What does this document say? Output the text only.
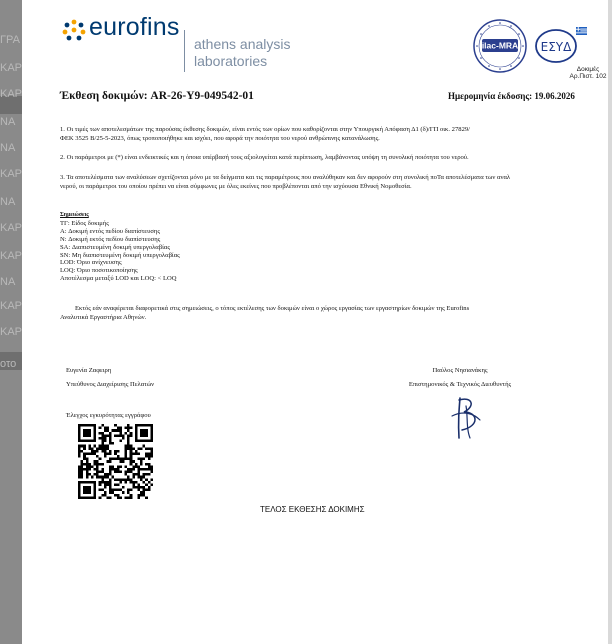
ΓΡΑ
ΚΑΡ
ΚΑΡ
ΝΑ
ΝΑ
ΚΑΡ
ΝΑ
ΚΑΡ
ΚΑΡ
ΝΑ
ΚΑΡ
ΚΑΡ
οτο
eurofins
athens analysis
laboratories
ilac-MRA ΕΣΥΔ
Δοκιμές
Αρ.Πιστ. 102
Έκθεση δοκιμών: AR-26-Y9-049542-01	Ημερομηνία έκδοσης: 19.06.2026
1. Οι τιμές των αποτελεσμάτων της παρούσας έκθεσης δοκιμών, είναι εντός των ορίων που καθορίζονται στην Υπουργική Απόφαση Δ1 (δ)/ΓΠ οικ. 27829/
ΦΕΚ 3525 Β/25-5-2023, όπως τροποποιήθηκε και ισχύει, που αφορά την ποιότητα του νερού ανθρώπινης κατανάλωσης.
2. Οι παράμετροι με (*) είναι ενδεικτικές και η όποια υπέρβασή τους αξιολογείται κατά περίπτωση, λαμβάνοντας υπόψη τη συνολική ποιότητα του νερού.
3. Τα αποτελέσματα των αναλύσεων σχετίζονται μόνο με τα δείγματα και τις παραμέτρους που αναλύθηκαν και δεν αφορούν στη συνολική ποΤα αποτελέσματα των αναλ
νερού, οι παράμετροι του οποίου πρέπει να είναι σύμφωνες με όλες εκείνες που προβλέπονται από την ισχύουσα Εθνική Νομοθεσία.
Σημειώσεις
ΤΓ: Είδος δοκιμής
A: Δοκιμή εντός πεδίου διαπίστευσης
N: Δοκιμή εκτός πεδίου διαπίστευσης
SA: Διαπιστευμένη δοκιμή υπεργολαβίας
SN: Μη διαπιστευμένη δοκιμή υπεργολαβίας
LOD: Όριο ανίχνευσης
LOQ: Όριο ποσοτικοποίησης
Αποτέλεσμα μεταξύ LOD και LOQ: < LOQ
Εκτός εάν αναφέρεται διαφορετικά στις σημειώσεις, ο τόπος εκτέλεσης των δοκιμών είναι ο χώρος εργασίας των εργαστηρίων δοκιμών της Eurofins
Αναλυτικά Εργαστήρια Αθηνών.
Ευγενία Ζαφειρη
Υπεύθυνος Διαχείρισης Πελατών
Παύλος Νησιανάκης
Επιστημονικός & Τεχνικός Διευθυντής
Έλεγχος εγκυρότητας εγγράφου
ΤΕΛΟΣ ΕΚΘΕΣΗΣ ΔΟΚΙΜΗΣ
